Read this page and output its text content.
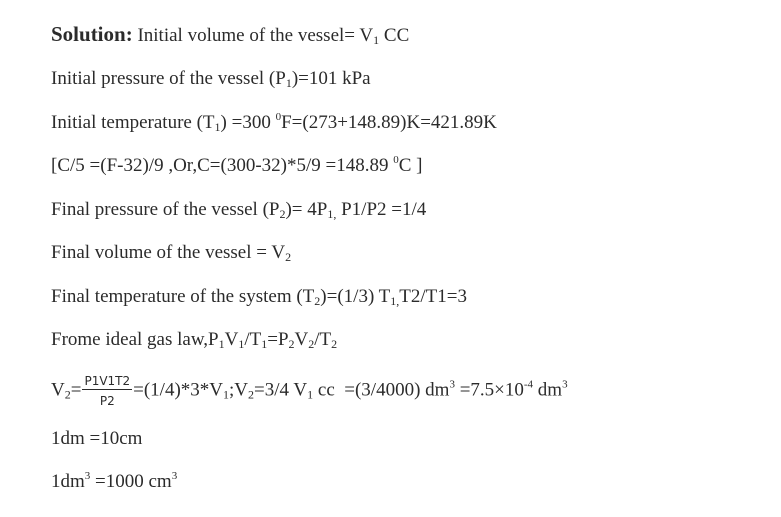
Solution: Initial volume of the vessel= $V_1$ CC
Initial pressure of the vessel $(P_1)=101$ kPa
Initial temperature $(T_1) =300$ $^0$F=(273+148.89)K=421.89K
[C/5 =(F-32)/9 ,Or,C=(300-32)*5/9 =148.89 $^0$C ]
Final pressure of the vessel $(P_2)= 4P_{1,}$ P1/P2 =1/4
Final volume of the vessel = $V_2$
Final temperature of the system $(T_2)=(1/3)$ $T_{1,}T2/T1=3$
Frome ideal gas $law,P_1V_1/T_1=P_2V_2/T_2$
$V_2= \frac{P1V1T2}{P2}$ $=(1/4)*3*V_1;V_2=3/4$ $V_1$ cc  =(3/4000) $dm^3 =7.5\times 10^{-4}$ $dm^3$
1dm =10cm
$1dm^3 =1000$ $cm^3$
